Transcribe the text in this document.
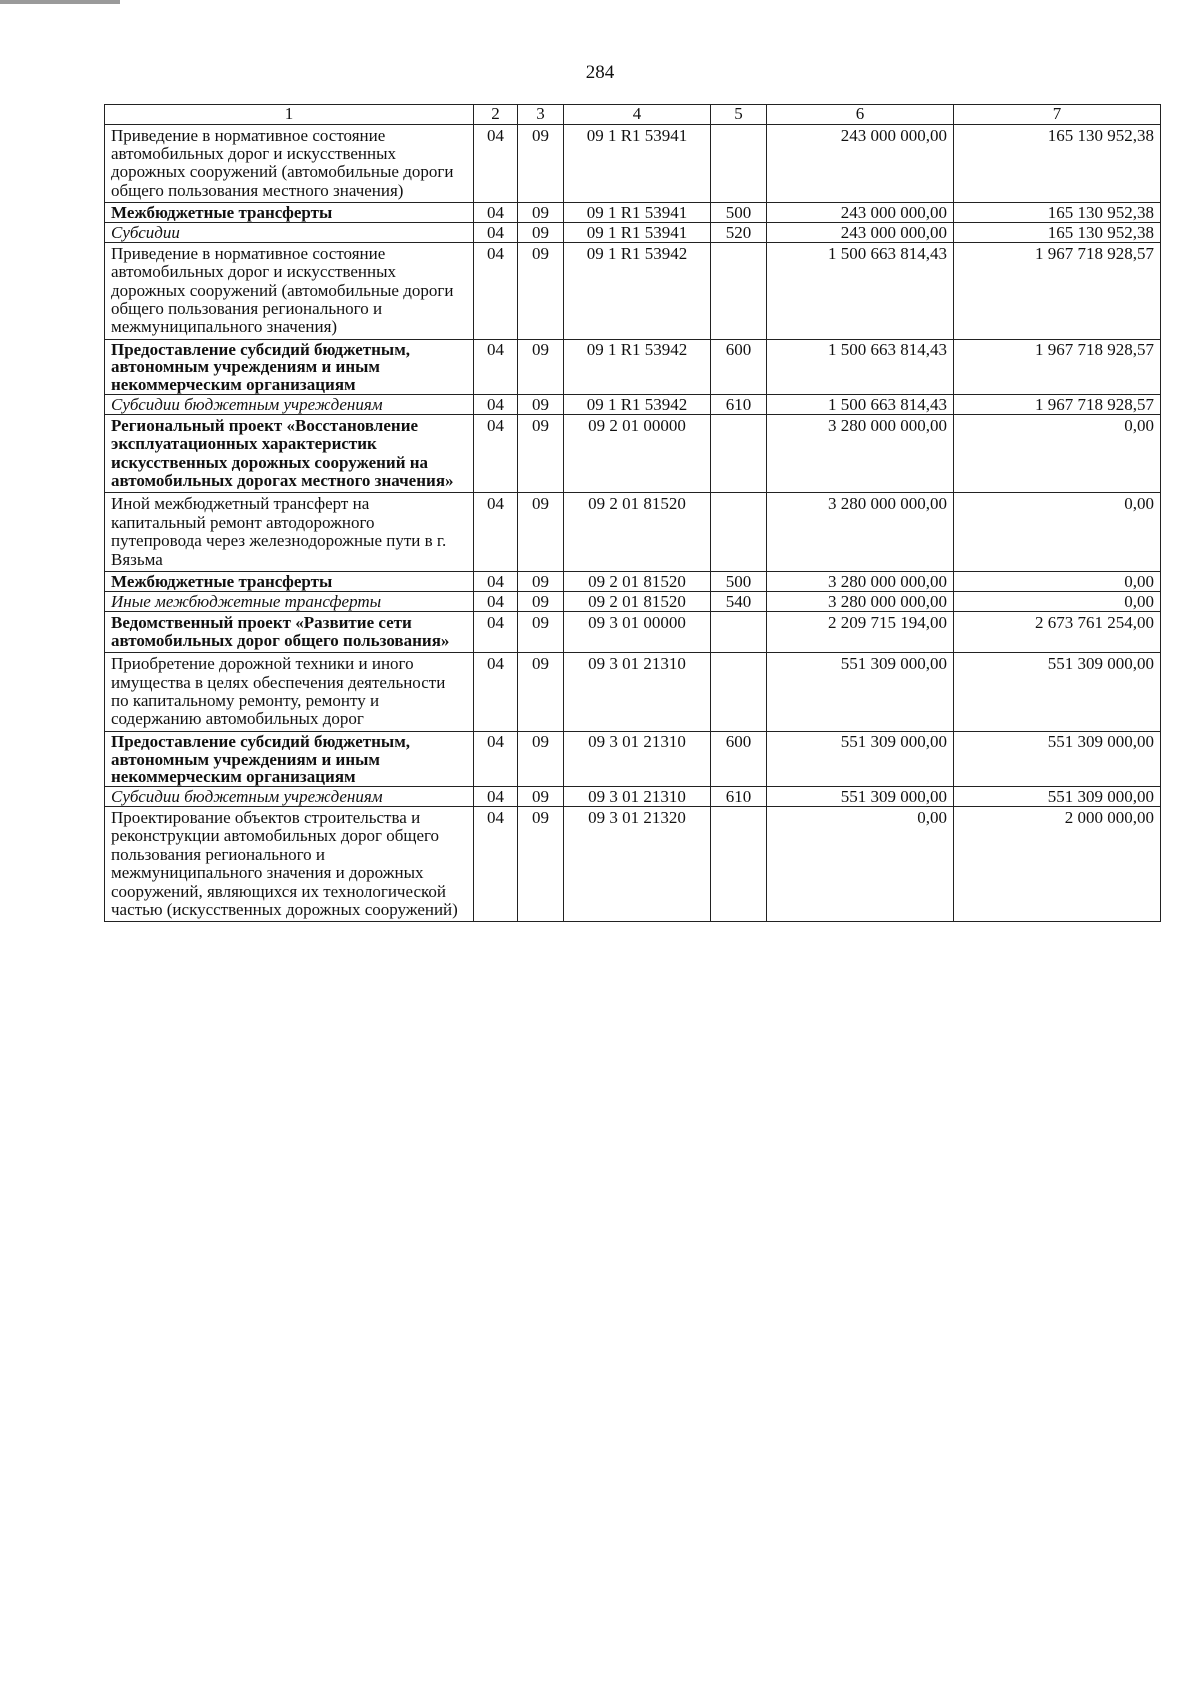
284
1	2	3	4	5	6	7
Приведение в нормативное состояние автомобильных дорог и искусственных дорожных сооружений (автомобильные дороги общего пользования местного значения)	04	09	09 1 R1 53941		243 000 000,00	165 130 952,38
Межбюджетные трансферты	04	09	09 1 R1 53941	500	243 000 000,00	165 130 952,38
Субсидии	04	09	09 1 R1 53941	520	243 000 000,00	165 130 952,38
Приведение в нормативное состояние автомобильных дорог и искусственных дорожных сооружений (автомобильные дороги общего пользования регионального и межмуниципального значения)	04	09	09 1 R1 53942		1 500 663 814,43	1 967 718 928,57
Предоставление субсидий бюджетным, автономным учреждениям и иным некоммерческим организациям	04	09	09 1 R1 53942	600	1 500 663 814,43	1 967 718 928,57
Субсидии бюджетным учреждениям	04	09	09 1 R1 53942	610	1 500 663 814,43	1 967 718 928,57
Региональный проект «Восстановление эксплуатационных характеристик искусственных дорожных сооружений на автомобильных дорогах местного значения»	04	09	09 2 01 00000		3 280 000 000,00	0,00
Иной межбюджетный трансферт на капитальный ремонт автодорожного путепровода через железнодорожные пути в г. Вязьма	04	09	09 2 01 81520		3 280 000 000,00	0,00
Межбюджетные трансферты	04	09	09 2 01 81520	500	3 280 000 000,00	0,00
Иные межбюджетные трансферты	04	09	09 2 01 81520	540	3 280 000 000,00	0,00
Ведомственный проект «Развитие сети автомобильных дорог общего пользования»	04	09	09 3 01 00000		2 209 715 194,00	2 673 761 254,00
Приобретение дорожной техники и иного имущества в целях обеспечения деятельности по капитальному ремонту, ремонту и содержанию автомобильных дорог	04	09	09 3 01 21310		551 309 000,00	551 309 000,00
Предоставление субсидий бюджетным, автономным учреждениям и иным некоммерческим организациям	04	09	09 3 01 21310	600	551 309 000,00	551 309 000,00
Субсидии бюджетным учреждениям	04	09	09 3 01 21310	610	551 309 000,00	551 309 000,00
Проектирование объектов строительства и реконструкции автомобильных дорог общего пользования регионального и межмуниципального значения и дорожных сооружений, являющихся их технологической частью (искусственных дорожных сооружений)	04	09	09 3 01 21320		0,00	2 000 000,00
